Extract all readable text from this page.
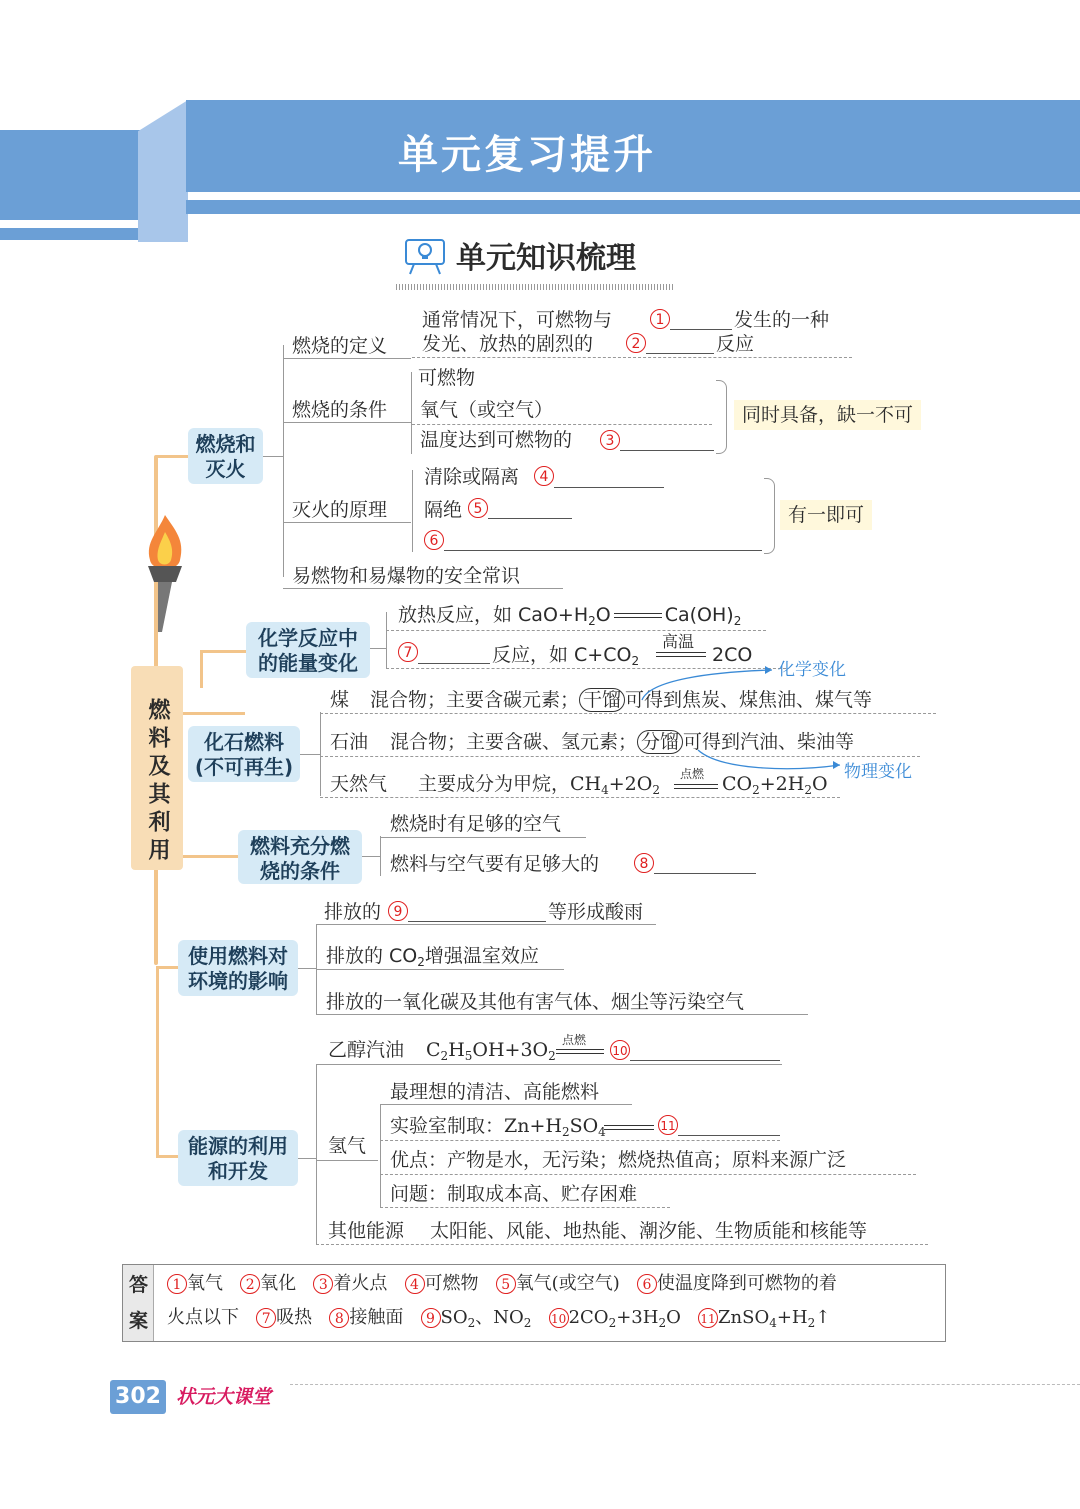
单元复习提升
单元知识梳理
燃料及其利用
燃烧和
灭火
燃烧的定义
通常情况下，可燃物与	1	发生的一种
发光、放热的剧烈的	2	反应
燃烧的条件
可燃物
氧气（或空气）
温度达到可燃物的	3
同时具备，缺一不可
灭火的原理
清除或隔离	4
隔绝 5
6
有一即可
易燃物和易爆物的安全常识
化学反应中
的能量变化
放热反应，如 $CaO+H_2O$	$Ca(OH)_2$
7	反应，如 $C+CO_2$
高温
2CO
化学变化
化石燃料
(不可再生)
煤 混合物；主要含碳元素； 干馏 可得到焦炭、煤焦油、煤气等
石油 混合物；主要含碳、氢元素； 分馏 可得到汽油、柴油等
天然气 主要成分为甲烷，$CH_4+2O_2$
点燃 $CO_2+2H_2O$
物理变化
燃料充分燃
烧的条件
燃烧时有足够的空气
燃料与空气要有足够大的	8
使用燃料对
环境的影响
排放的 9	等形成酸雨
排放的 $CO_2$增强温室效应
排放的一氧化碳及其他有害气体、烟尘等污染空气
能源的利用
和开发
乙醇汽油 $C_2H_5OH+3O_2$
点燃
10
氢气
最理想的清洁、高能燃料
实验室制取：$Zn+H_2SO_4$	11
优点：产物是水，无污染；燃烧热值高；原料来源广泛
问题：制取成本高、贮存困难
其他能源 太阳能、风能、地热能、潮汐能、生物质能和核能等
答
案
1 氧气 2 氧化 3 着火点 4 可燃物 5 氧气(或空气) 6 使温度降到可燃物的着
火点以下 7 吸热 8 接触面 9 $SO_2$、$NO_2$ 10 $2CO_2+3H_2O$ 11 $ZnSO_4+H_2↑$
302 状元大课堂
